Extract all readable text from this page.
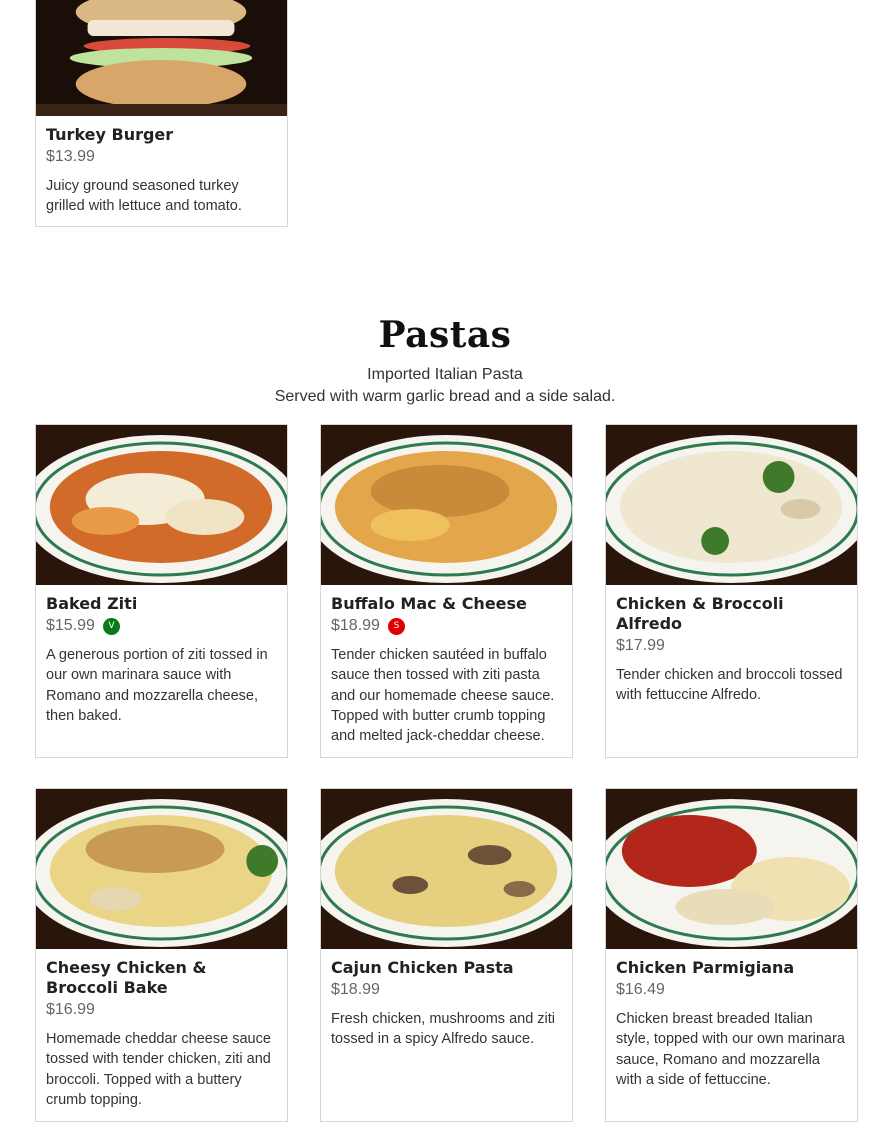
Turkey Burger
$13.99

Juicy ground seasoned turkey grilled with lettuce and tomato.

Pastas
Imported Italian Pasta
Served with warm garlic bread and a side salad.
Baked Ziti
$15.99	V

A generous portion of ziti tossed in our own marinara sauce with Romano and mozzarella cheese, then baked.

Buffalo Mac & Cheese
$18.99	S

Tender chicken sautéed in buffalo sauce then tossed with ziti pasta and our homemade cheese sauce. Topped with butter crumb topping and melted jack-cheddar cheese.

Chicken & Broccoli Alfredo
$17.99

Tender chicken and broccoli tossed with fettuccine Alfredo.

Cheesy Chicken & Broccoli Bake
$16.99

Homemade cheddar cheese sauce tossed with tender chicken, ziti and broccoli. Topped with a buttery crumb topping.

Cajun Chicken Pasta
$18.99

Fresh chicken, mushrooms and ziti tossed in a spicy Alfredo sauce.

Chicken Parmigiana
$16.49

Chicken breast breaded Italian style, topped with our own marinara sauce, Romano and mozzarella with a side of fettuccine.
